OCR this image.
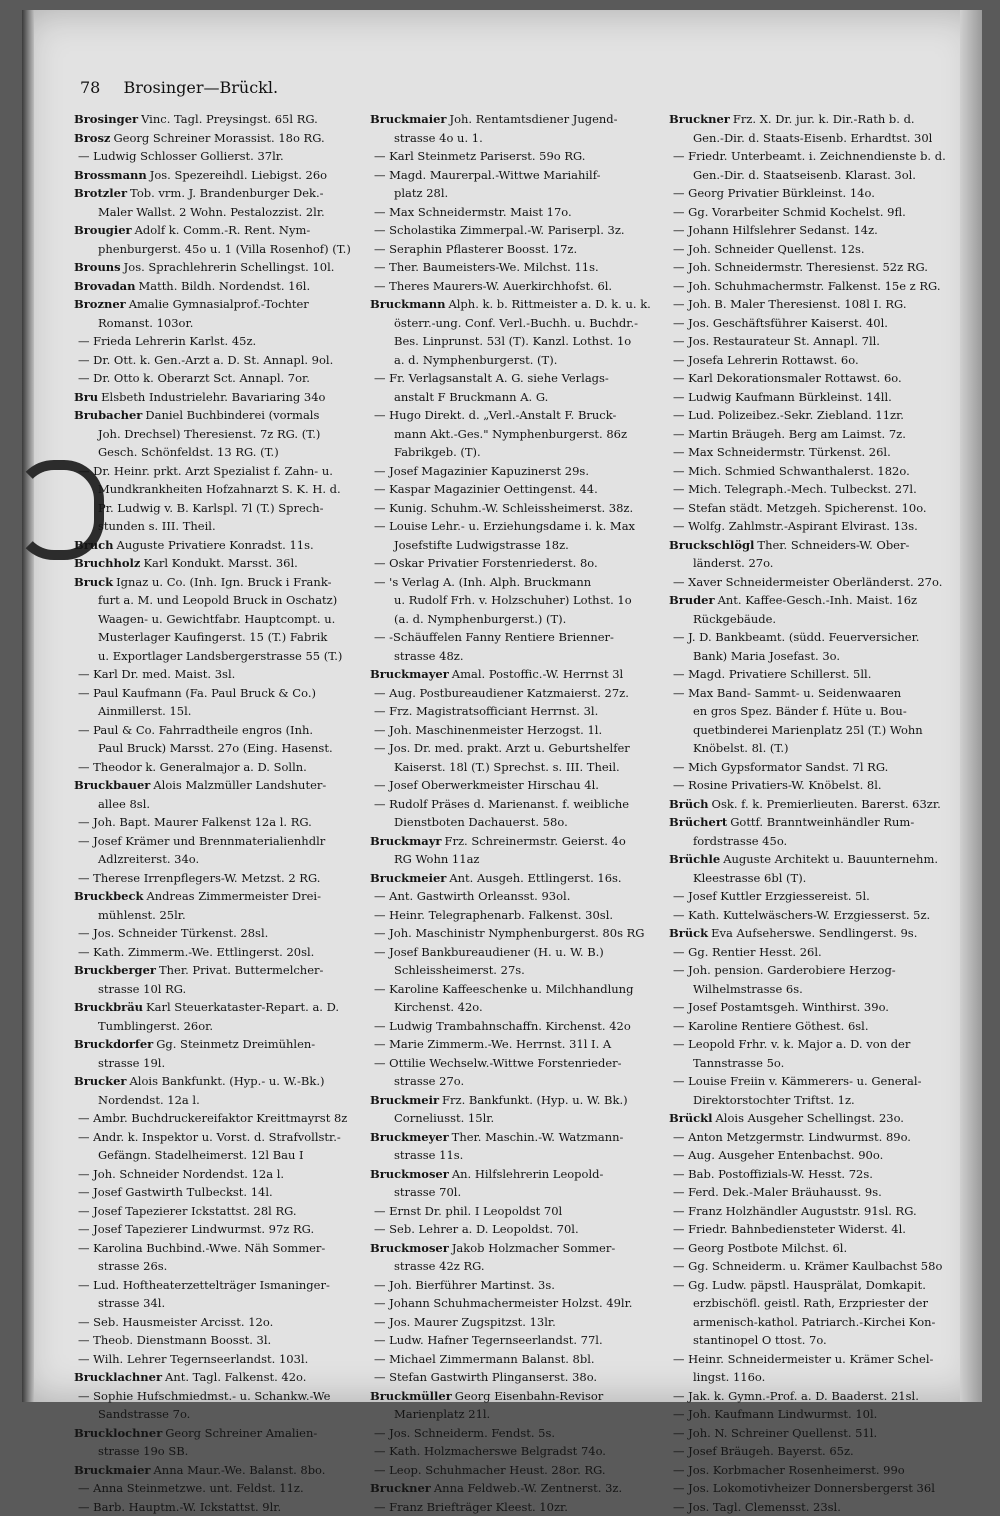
78 Brosinger—Brückl.
Brosinger Vinc. Tagl. Preysingst. 65l RG.
Brosz Georg Schreiner Morassist. 18o RG.
— Ludwig Schlosser Gollierst. 37lr.
Brossmann Jos. Spezereihdl. Liebigst. 26o
Brotzler Tob. vrm. J. Brandenburger Dek.-
Maler Wallst. 2 Wohn. Pestalozzist. 2lr.
Brougier Adolf k. Comm.-R. Rent. Nym-
phenburgerst. 45o u. 1 (Villa Rosenhof) (T.)
Brouns Jos. Sprachlehrerin Schellingst. 10l.
Brovadan Matth. Bildh. Nordendst. 16l.
Brozner Amalie Gymnasialprof.-Tochter
Romanst. 103or.
— Frieda Lehrerin Karlst. 45z.
— Dr. Ott. k. Gen.-Arzt a. D. St. Annapl. 9ol.
— Dr. Otto k. Oberarzt Sct. Annapl. 7or.
Bru Elsbeth Industrielehr. Bavariaring 34o
Brubacher Daniel Buchbinderei (vormals
Joh. Drechsel) Theresienst. 7z RG. (T.)
Gesch. Schönfeldst. 13 RG. (T.)
— Dr. Heinr. prkt. Arzt Spezialist f. Zahn- u.
Mundkrankheiten Hofzahnarzt S. K. H. d.
Pr. Ludwig v. B. Karlspl. 7l (T.) Sprech-
stunden s. III. Theil.
Bruch Auguste Privatiere Konradst. 11s.
Bruchholz Karl Kondukt. Marsst. 36l.
Bruck Ignaz u. Co. (Inh. Ign. Bruck i Frank-
furt a. M. und Leopold Bruck in Oschatz)
Waagen- u. Gewichtfabr. Hauptcompt. u.
Musterlager Kaufingerst. 15 (T.) Fabrik
u. Exportlager Landsbergerstrasse 55 (T.)
— Karl Dr. med. Maist. 3sl.
— Paul Kaufmann (Fa. Paul Bruck & Co.)
Ainmillerst. 15l.
— Paul & Co. Fahrradtheile engros (Inh.
Paul Bruck) Marsst. 27o (Eing. Hasenst.
— Theodor k. Generalmajor a. D. Solln.
Bruckbauer Alois Malzmüller Landshuter-
allee 8sl.
— Joh. Bapt. Maurer Falkenst 12a l. RG.
— Josef Krämer und Brennmaterialienhdlr
Adlzreiterst. 34o.
— Therese Irrenpflegers-W. Metzst. 2 RG.
Bruckbeck Andreas Zimmermeister Drei-
mühlenst. 25lr.
— Jos. Schneider Türkenst. 28sl.
— Kath. Zimmerm.-We. Ettlingerst. 20sl.
Bruckberger Ther. Privat. Buttermelcher-
strasse 10l RG.
Bruckbräu Karl Steuerkataster-Repart. a. D.
Tumblingerst. 26or.
Bruckdorfer Gg. Steinmetz Dreimühlen-
strasse 19l.
Brucker Alois Bankfunkt. (Hyp.- u. W.-Bk.)
Nordendst. 12a l.
— Ambr. Buchdruckereifaktor Kreittmayrst 8z
— Andr. k. Inspektor u. Vorst. d. Strafvollstr.-
Gefängn. Stadelheimerst. 12l Bau I
— Joh. Schneider Nordendst. 12a l.
— Josef Gastwirth Tulbeckst. 14l.
— Josef Tapezierer Ickstattst. 28l RG.
— Josef Tapezierer Lindwurmst. 97z RG.
— Karolina Buchbind.-Wwe. Näh Sommer-
strasse 26s.
— Lud. Hoftheaterzettelträger Ismaninger-
strasse 34l.
— Seb. Hausmeister Arcisst. 12o.
— Theob. Dienstmann Boosst. 3l.
— Wilh. Lehrer Tegernseerlandst. 103l.
Brucklachner Ant. Tagl. Falkenst. 42o.
— Sophie Hufschmiedmst.- u. Schankw.-We
Sandstrasse 7o.
Brucklochner Georg Schreiner Amalien-
strasse 19o SB.
Bruckmaier Anna Maur.-We. Balanst. 8bo.
— Anna Steinmetzwe. unt. Feldst. 11z.
— Barb. Hauptm.-W. Ickstattst. 9lr.
Bruckmaier Joh. Rentamtsdiener Jugend-
strasse 4o u. 1.
— Karl Steinmetz Pariserst. 59o RG.
— Magd. Maurerpal.-Wittwe Mariahilf-
platz 28l.
— Max Schneidermstr. Maist 17o.
— Scholastika Zimmerpal.-W. Pariserpl. 3z.
— Seraphin Pflasterer Boosst. 17z.
— Ther. Baumeisters-We. Milchst. 11s.
— Theres Maurers-W. Auerkirchhofst. 6l.
Bruckmann Alph. k. b. Rittmeister a. D. k. u. k.
österr.-ung. Conf. Verl.-Buchh. u. Buchdr.-
Bes. Linprunst. 53l (T). Kanzl. Lothst. 1o
a. d. Nymphenburgerst. (T).
— Fr. Verlagsanstalt A. G. siehe Verlags-
anstalt F Bruckmann A. G.
— Hugo Direkt. d. „Verl.-Anstalt F. Bruck-
mann Akt.-Ges." Nymphenburgerst. 86z
Fabrikgeb. (T).
— Josef Magazinier Kapuzinerst 29s.
— Kaspar Magazinier Oettingenst. 44.
— Kunig. Schuhm.-W. Schleissheimerst. 38z.
— Louise Lehr.- u. Erziehungsdame i. k. Max
Josefstifte Ludwigstrasse 18z.
— Oskar Privatier Forstenriederst. 8o.
— 's Verlag A. (Inh. Alph. Bruckmann
u. Rudolf Frh. v. Holzschuher) Lothst. 1o
(a. d. Nymphenburgerst.) (T).
— -Schäuffelen Fanny Rentiere Brienner-
strasse 48z.
Bruckmayer Amal. Postoffic.-W. Herrnst 3l
— Aug. Postbureaudiener Katzmaierst. 27z.
— Frz. Magistratsofficiant Herrnst. 3l.
— Joh. Maschinenmeister Herzogst. 1l.
— Jos. Dr. med. prakt. Arzt u. Geburtshelfer
Kaiserst. 18l (T.) Sprechst. s. III. Theil.
— Josef Oberwerkmeister Hirschau 4l.
— Rudolf Präses d. Marienanst. f. weibliche
Dienstboten Dachauerst. 58o.
Bruckmayr Frz. Schreinermstr. Geierst. 4o
RG Wohn 11az
Bruckmeier Ant. Ausgeh. Ettlingerst. 16s.
— Ant. Gastwirth Orleansst. 93ol.
— Heinr. Telegraphenarb. Falkenst. 30sl.
— Joh. Maschinistr Nymphenburgerst. 80s RG
— Josef Bankbureaudiener (H. u. W. B.)
Schleissheimerst. 27s.
— Karoline Kaffeeschenke u. Milchhandlung
Kirchenst. 42o.
— Ludwig Trambahnschaffn. Kirchenst. 42o
— Marie Zimmerm.-We. Herrnst. 31l I. A
— Ottilie Wechselw.-Wittwe Forstenrieder-
strasse 27o.
Bruckmeir Frz. Bankfunkt. (Hyp. u. W. Bk.)
Corneliusst. 15lr.
Bruckmeyer Ther. Maschin.-W. Watzmann-
strasse 11s.
Bruckmoser An. Hilfslehrerin Leopold-
strasse 70l.
— Ernst Dr. phil. I Leopoldst 70l
— Seb. Lehrer a. D. Leopoldst. 70l.
Bruckmoser Jakob Holzmacher Sommer-
strasse 42z RG.
— Joh. Bierführer Martinst. 3s.
— Johann Schuhmachermeister Holzst. 49lr.
— Jos. Maurer Zugspitzst. 13lr.
— Ludw. Hafner Tegernseerlandst. 77l.
— Michael Zimmermann Balanst. 8bl.
— Stefan Gastwirth Plinganserst. 38o.
Bruckmüller Georg Eisenbahn-Revisor
Marienplatz 21l.
— Jos. Schneiderm. Fendst. 5s.
— Kath. Holzmacherswe Belgradst 74o.
— Leop. Schuhmacher Heust. 28or. RG.
Bruckner Anna Feldweb.-W. Zentnerst. 3z.
— Franz Briefträger Kleest. 10zr.
Bruckner Frz. X. Dr. jur. k. Dir.-Rath b. d.
Gen.-Dir. d. Staats-Eisenb. Erhardtst. 30l
— Friedr. Unterbeamt. i. Zeichnendienste b. d.
Gen.-Dir. d. Staatseisenb. Klarast. 3ol.
— Georg Privatier Bürkleinst. 14o.
— Gg. Vorarbeiter Schmid Kochelst. 9fl.
— Johann Hilfslehrer Sedanst. 14z.
— Joh. Schneider Quellenst. 12s.
— Joh. Schneidermstr. Theresienst. 52z RG.
— Joh. Schuhmachermstr. Falkenst. 15e z RG.
— Joh. B. Maler Theresienst. 108l I. RG.
— Jos. Geschäftsführer Kaiserst. 40l.
— Jos. Restaurateur St. Annapl. 7ll.
— Josefa Lehrerin Rottawst. 6o.
— Karl Dekorationsmaler Rottawst. 6o.
— Ludwig Kaufmann Bürkleinst. 14ll.
— Lud. Polizeibez.-Sekr. Ziebland. 11zr.
— Martin Bräugeh. Berg am Laimst. 7z.
— Max Schneidermstr. Türkenst. 26l.
— Mich. Schmied Schwanthalerst. 182o.
— Mich. Telegraph.-Mech. Tulbeckst. 27l.
— Stefan städt. Metzgeh. Spicherenst. 10o.
— Wolfg. Zahlmstr.-Aspirant Elvirast. 13s.
Bruckschlögl Ther. Schneiders-W. Ober-
länderst. 27o.
— Xaver Schneidermeister Oberländerst. 27o.
Bruder Ant. Kaffee-Gesch.-Inh. Maist. 16z
Rückgebäude.
— J. D. Bankbeamt. (südd. Feuerversicher.
Bank) Maria Josefast. 3o.
— Magd. Privatiere Schillerst. 5ll.
— Max Band- Sammt- u. Seidenwaaren
en gros Spez. Bänder f. Hüte u. Bou-
quetbinderei Marienplatz 25l (T.) Wohn
Knöbelst. 8l. (T.)
— Mich Gypsformator Sandst. 7l RG.
— Rosine Privatiers-W. Knöbelst. 8l.
Brüch Osk. f. k. Premierlieuten. Barerst. 63zr.
Brüchert Gottf. Branntweinhändler Rum-
fordstrasse 45o.
Brüchle Auguste Architekt u. Bauunternehm.
Kleestrasse 6bl (T).
— Josef Kuttler Erzgiessereist. 5l.
— Kath. Kuttelwäschers-W. Erzgiesserst. 5z.
Brück Eva Aufseherswe. Sendlingerst. 9s.
— Gg. Rentier Hesst. 26l.
— Joh. pension. Garderobiere Herzog-
Wilhelmstrasse 6s.
— Josef Postamtsgeh. Winthirst. 39o.
— Karoline Rentiere Göthest. 6sl.
— Leopold Frhr. v. k. Major a. D. von der
Tannstrasse 5o.
— Louise Freiin v. Kämmerers- u. General-
Direktorstochter Triftst. 1z.
Brückl Alois Ausgeher Schellingst. 23o.
— Anton Metzgermstr. Lindwurmst. 89o.
— Aug. Ausgeher Entenbachst. 90o.
— Bab. Postoffizials-W. Hesst. 72s.
— Ferd. Dek.-Maler Bräuhausst. 9s.
— Franz Holzhändler Auguststr. 91sl. RG.
— Friedr. Bahnbediensteter Widerst. 4l.
— Georg Postbote Milchst. 6l.
— Gg. Schneiderm. u. Krämer Kaulbachst 58o
— Gg. Ludw. päpstl. Hausprälat, Domkapit.
erzbischöfl. geistl. Rath, Erzpriester der
armenisch-kathol. Patriarch.-Kirchei Kon-
stantinopel O ttost. 7o.
— Heinr. Schneidermeister u. Krämer Schel-
lingst. 116o.
— Jak. k. Gymn.-Prof. a. D. Baaderst. 21sl.
— Joh. Kaufmann Lindwurmst. 10l.
— Joh. N. Schreiner Quellenst. 51l.
— Josef Bräugeh. Bayerst. 65z.
— Jos. Korbmacher Rosenheimerst. 99o
— Jos. Lokomotivheizer Donnersbergerst 36l
— Jos. Tagl. Clemensst. 23sl.
